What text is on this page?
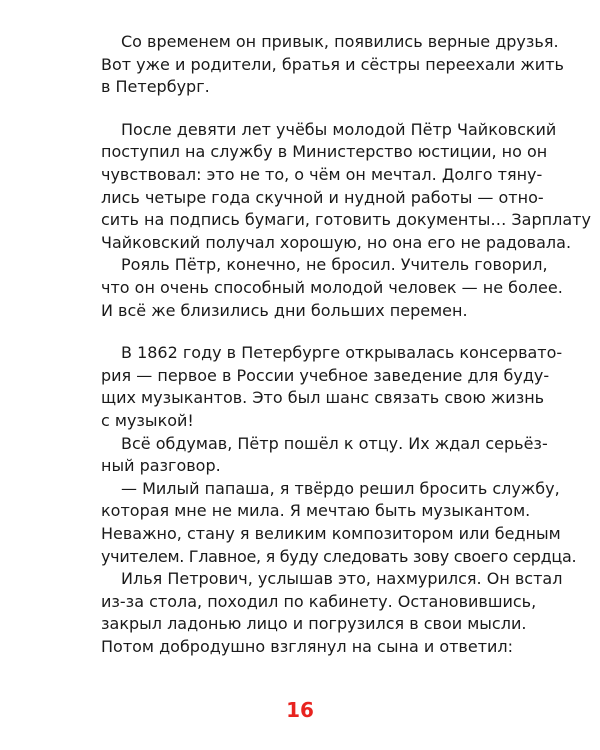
Со временем он привык, появились верные друзья.
Вот уже и родители, братья и сёстры переехали жить
в Петербург.
После девяти лет учёбы молодой Пётр Чайковский
поступил на службу в Министерство юстиции, но он
чувствовал: это не то, о чём он мечтал. Долго тяну-
лись четыре года скучной и нудной работы — отно-
сить на подпись бумаги, готовить документы… Зарплату
Чайковский получал хорошую, но она его не радовала.
Рояль Пётр, конечно, не бросил. Учитель говорил,
что он очень способный молодой человек — не более.
И всё же близились дни больших перемен.
В 1862 году в Петербурге открывалась консервато-
рия — первое в России учебное заведение для буду-
щих музыкантов. Это был шанс связать свою жизнь
с музыкой!
Всё обдумав, Пётр пошёл к отцу. Их ждал серьёз-
ный разговор.
— Милый папаша, я твёрдо решил бросить службу,
которая мне не мила. Я мечтаю быть музыкантом.
Неважно, стану я великим композитором или бедным
учителем. Главное, я буду следовать зову своего сердца.
Илья Петрович, услышав это, нахмурился. Он встал
из-за стола, походил по кабинету. Остановившись,
закрыл ладонью лицо и погрузился в свои мысли.
Потом добродушно взглянул на сына и ответил:
16
